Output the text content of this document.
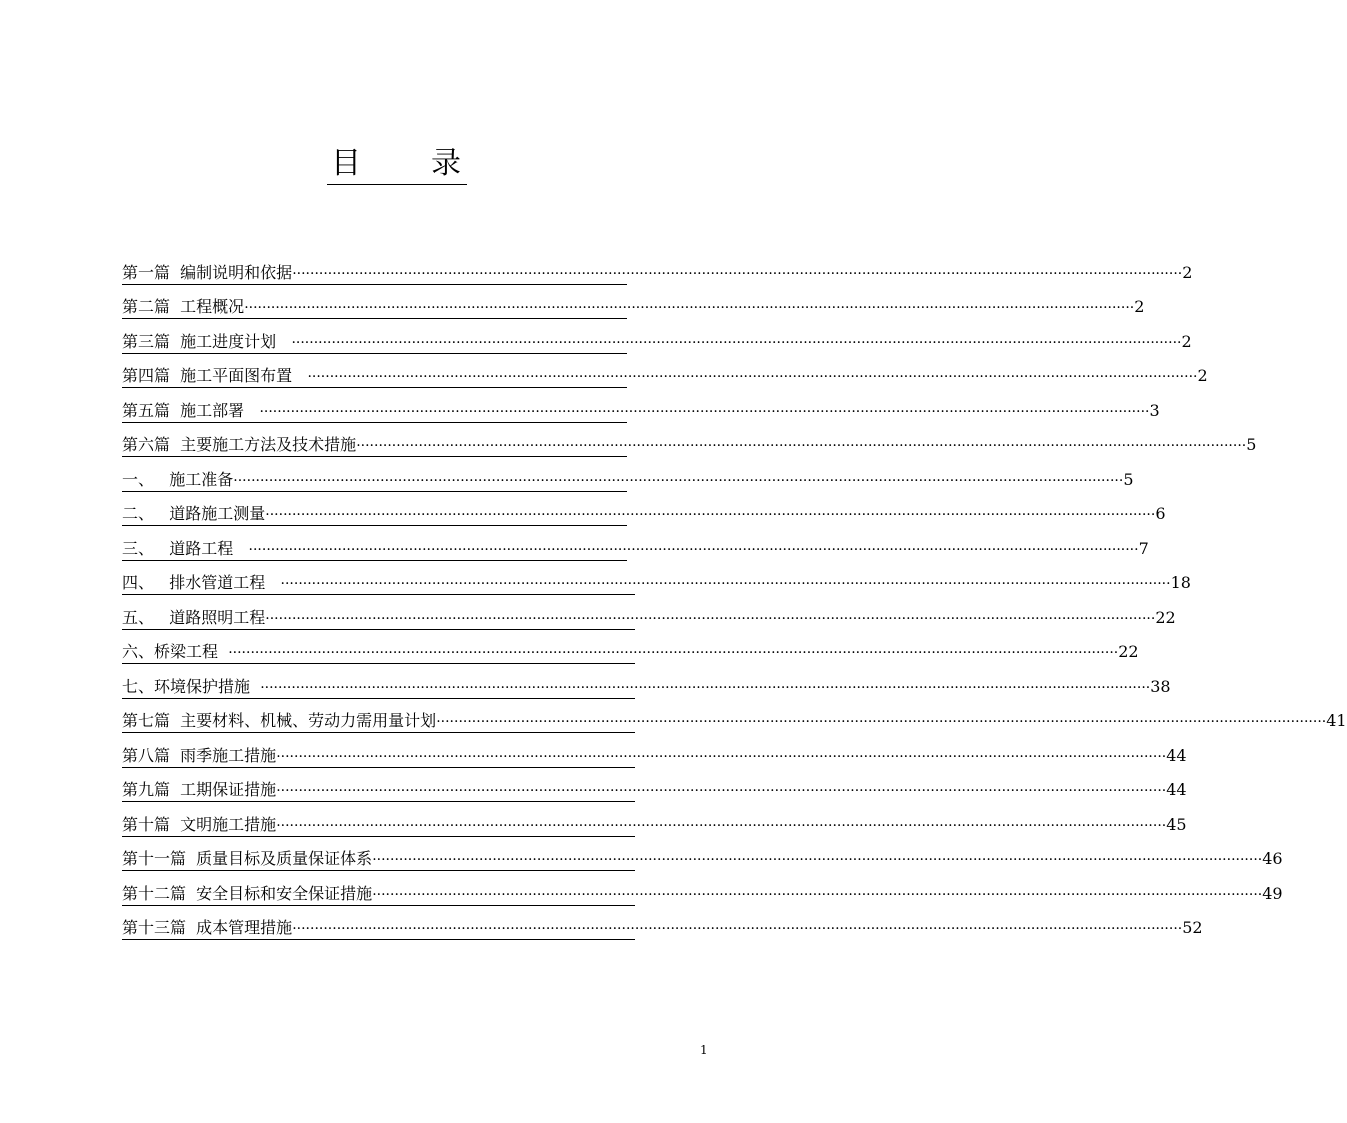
目 录
第一篇  编制说明和依据 ········································································································································································································ 2
第二篇  工程概况 ········································································································································································································ 2
第三篇  施工进度计划 ········································································································································································································ 2
第四篇  施工平面图布置 ········································································································································································································ 2
第五篇  施工部署 ········································································································································································································ 3
第六篇  主要施工方法及技术措施 ········································································································································································································ 5
一、   施工准备 ········································································································································································································ 5
二、   道路施工测量 ········································································································································································································ 6
三、   道路工程 ········································································································································································································ 7
四、   排水管道工程 ········································································································································································································ 18
五、   道路照明工程 ········································································································································································································ 22
六、桥梁工程 ········································································································································································································ 22
七、环境保护措施 ········································································································································································································ 38
第七篇  主要材料、机械、劳动力需用量计划 ········································································································································································································ 41
第八篇  雨季施工措施 ········································································································································································································ 44
第九篇  工期保证措施 ········································································································································································································ 44
第十篇  文明施工措施 ········································································································································································································ 45
第十一篇  质量目标及质量保证体系 ········································································································································································································ 46
第十二篇  安全目标和安全保证措施 ········································································································································································································ 49
第十三篇  成本管理措施 ········································································································································································································ 52
1
